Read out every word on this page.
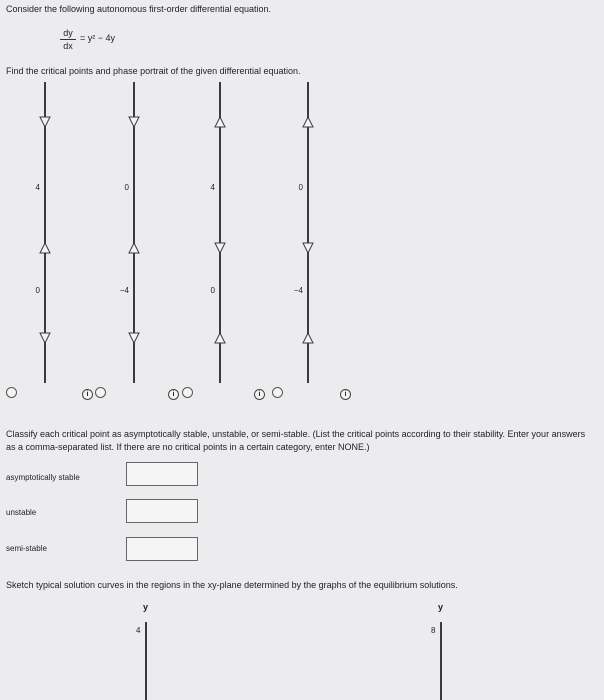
Consider the following autonomous first-order differential equation.
dy
dx
= y² − 4y
Find the critical points and phase portrait of the given differential equation.
4
0
i
0
−4
i
4
0
i
0
−4
i
Classify each critical point as asymptotically stable, unstable, or semi-stable. (List the critical points according to their stability. Enter your answers as a comma-separated list. If there are no critical points in a certain category, enter NONE.)
asymptotically stable
unstable
semi-stable
Sketch typical solution curves in the regions in the xy-plane determined by the graphs of the equilibrium solutions.
y
4
y
8
